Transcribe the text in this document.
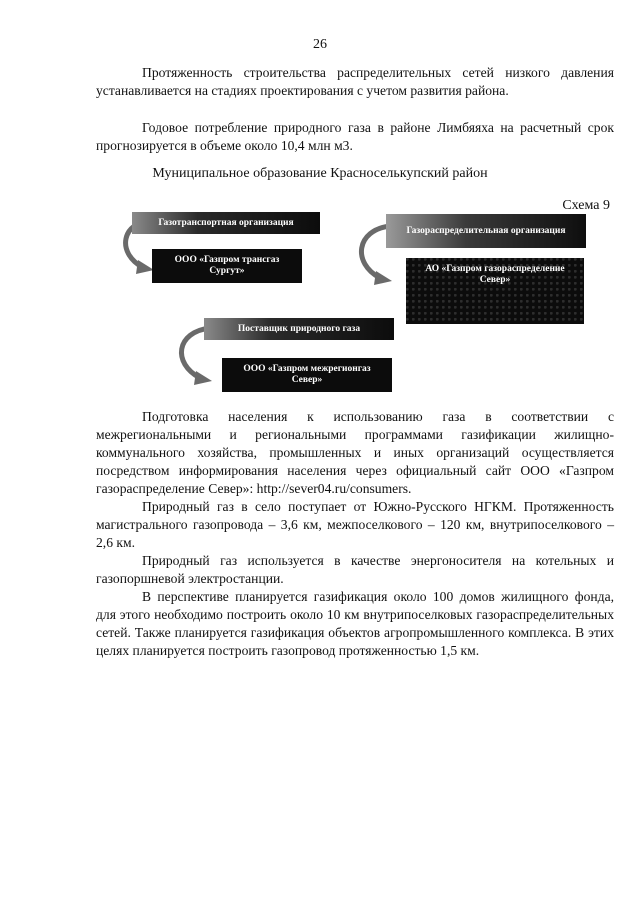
26

Протяженность строительства распределительных сетей низкого давления устанавливается на стадиях проектирования с учетом развития района.

Годовое потребление природного газа в районе Лимбяяха на расчетный срок прогнозируется в объеме около 10,4 млн м3.

Муниципальное образование Красноселькупский район
Схема 9
Газотранспортная организация
ООО «Газпром трансгаз Сургут»
Газораспределительная организация
АО «Газпром газораспределение Север»
Поставщик природного газа
ООО «Газпром межрегионгаз Север»

Подготовка населения к использованию газа в соответствии с межрегиональными и региональными программами газификации жилищно-коммунального хозяйства, промышленных и иных организаций осуществляется посредством информирования населения через официальный сайт ООО «Газпром газораспределение Север»: http://sever04.ru/consumers.

Природный газ в село поступает от Южно-Русского НГКМ. Протяженность магистрального газопровода – 3,6 км, межпоселкового – 120 км, внутрипоселкового – 2,6 км.

Природный газ используется в качестве энергоносителя на котельных и газопоршневой электростанции.

В перспективе планируется газификация около 100 домов жилищного фонда, для этого необходимо построить около 10 км внутрипоселковых газораспределительных сетей. Также планируется газификация объектов агропромышленного комплекса. В этих целях планируется построить газопровод протяженностью 1,5 км.
